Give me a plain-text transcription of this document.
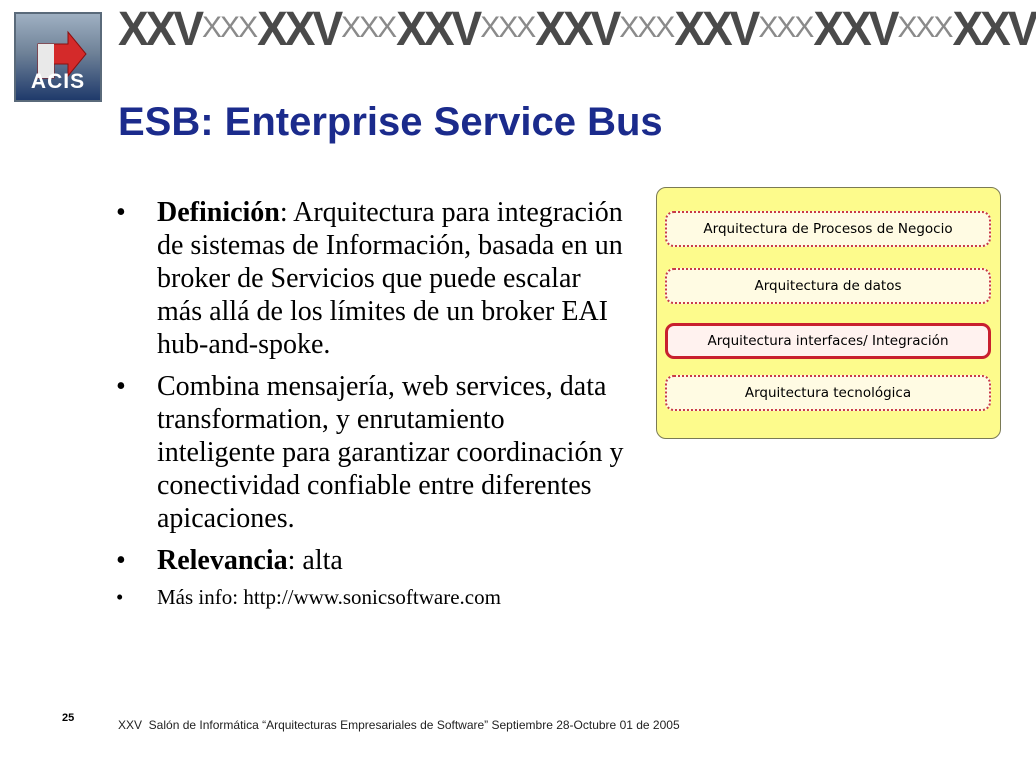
ACIS
XXV XXX XXV XXX XXV XXX XXV XXX XXV XXX XXV XXX XXV
ESB: Enterprise Service Bus
• Definición: Arquitectura para integración de sistemas de Información, basada en un broker de Servicios que puede escalar más allá de los límites de un broker EAI hub-and-spoke.
• Combina mensajería, web services, data transformation, y enrutamiento inteligente para garantizar coordinación y conectividad confiable entre diferentes apicaciones.
• Relevancia: alta
• Más info: http://www.sonicsoftware.com
Arquitectura de Procesos de Negocio
Arquitectura de datos
Arquitectura interfaces/ Integración
Arquitectura tecnológica
25	XXV  Salón de Informática “Arquitecturas Empresariales de Software” Septiembre 28-Octubre 01 de 2005
